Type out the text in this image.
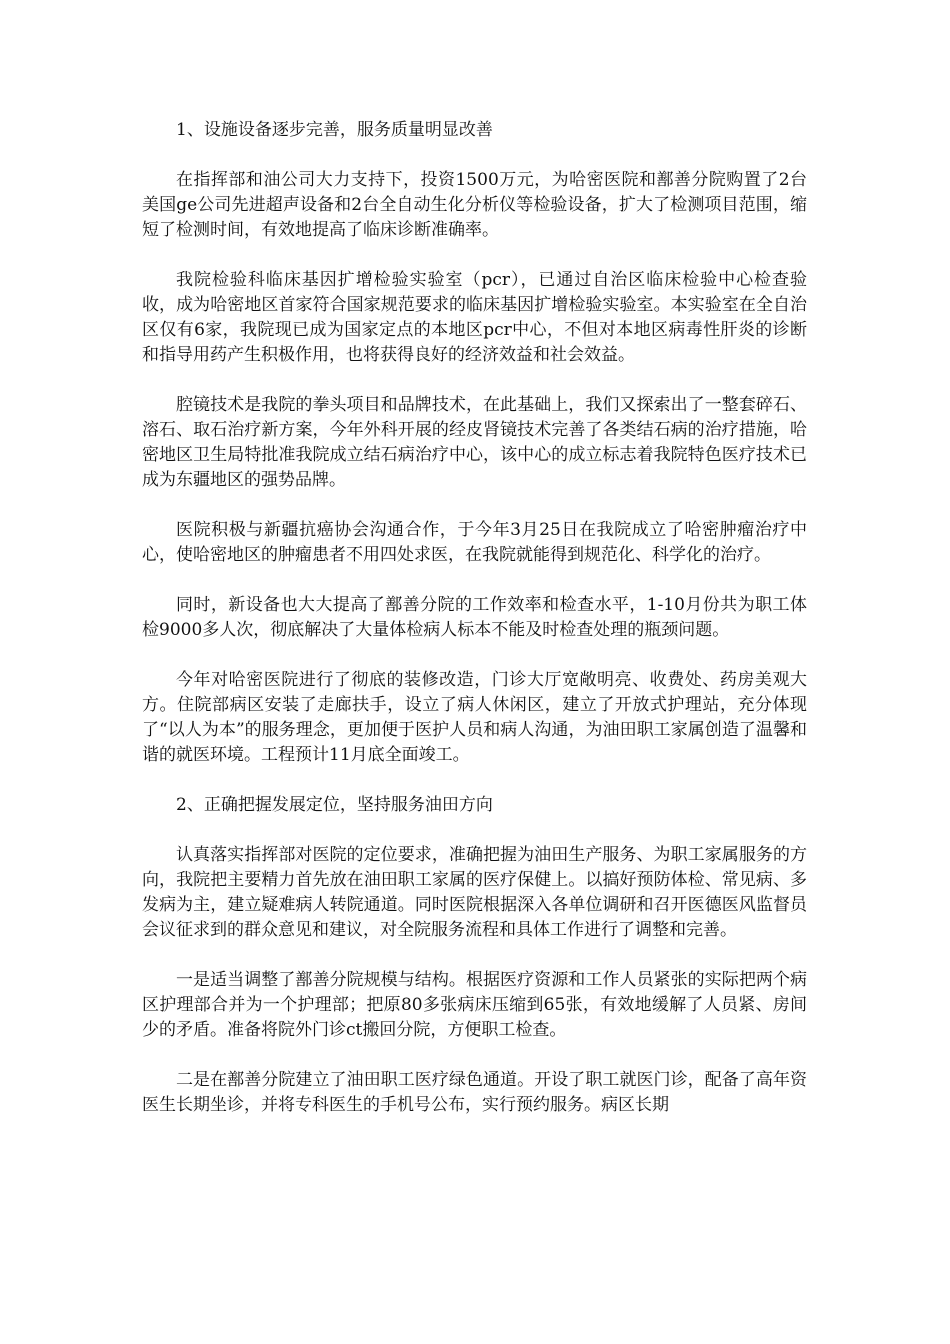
1、设施设备逐步完善，服务质量明显改善

在指挥部和油公司大力支持下，投资1500万元，为哈密医院和鄯善分院购置了2台美国ge公司先进超声设备和2台全自动生化分析仪等检验设备，扩大了检测项目范围，缩短了检测时间，有效地提高了临床诊断准确率。

我院检验科临床基因扩增检验实验室（pcr），已通过自治区临床检验中心检查验收，成为哈密地区首家符合国家规范要求的临床基因扩增检验实验室。本实验室在全自治区仅有6家，我院现已成为国家定点的本地区pcr中心，不但对本地区病毒性肝炎的诊断和指导用药产生积极作用，也将获得良好的经济效益和社会效益。

腔镜技术是我院的拳头项目和品牌技术，在此基础上，我们又探索出了一整套碎石、溶石、取石治疗新方案，今年外科开展的经皮肾镜技术完善了各类结石病的治疗措施，哈密地区卫生局特批准我院成立结石病治疗中心，该中心的成立标志着我院特色医疗技术已成为东疆地区的强势品牌。

医院积极与新疆抗癌协会沟通合作，于今年3月25日在我院成立了哈密肿瘤治疗中心，使哈密地区的肿瘤患者不用四处求医，在我院就能得到规范化、科学化的治疗。

同时，新设备也大大提高了鄯善分院的工作效率和检查水平，1-10月份共为职工体检9000多人次，彻底解决了大量体检病人标本不能及时检查处理的瓶颈问题。

今年对哈密医院进行了彻底的装修改造，门诊大厅宽敞明亮、收费处、药房美观大方。住院部病区安装了走廊扶手，设立了病人休闲区，建立了开放式护理站，充分体现了“以人为本”的服务理念，更加便于医护人员和病人沟通，为油田职工家属创造了温馨和谐的就医环境。工程预计11月底全面竣工。

2、正确把握发展定位，坚持服务油田方向

认真落实指挥部对医院的定位要求，准确把握为油田生产服务、为职工家属服务的方向，我院把主要精力首先放在油田职工家属的医疗保健上。以搞好预防体检、常见病、多发病为主，建立疑难病人转院通道。同时医院根据深入各单位调研和召开医德医风监督员会议征求到的群众意见和建议，对全院服务流程和具体工作进行了调整和完善。

一是适当调整了鄯善分院规模与结构。根据医疗资源和工作人员紧张的实际把两个病区护理部合并为一个护理部；把原80多张病床压缩到65张，有效地缓解了人员紧、房间少的矛盾。准备将院外门诊ct搬回分院，方便职工检查。

二是在鄯善分院建立了油田职工医疗绿色通道。开设了职工就医门诊，配备了高年资医生长期坐诊，并将专科医生的手机号公布，实行预约服务。病区长期
